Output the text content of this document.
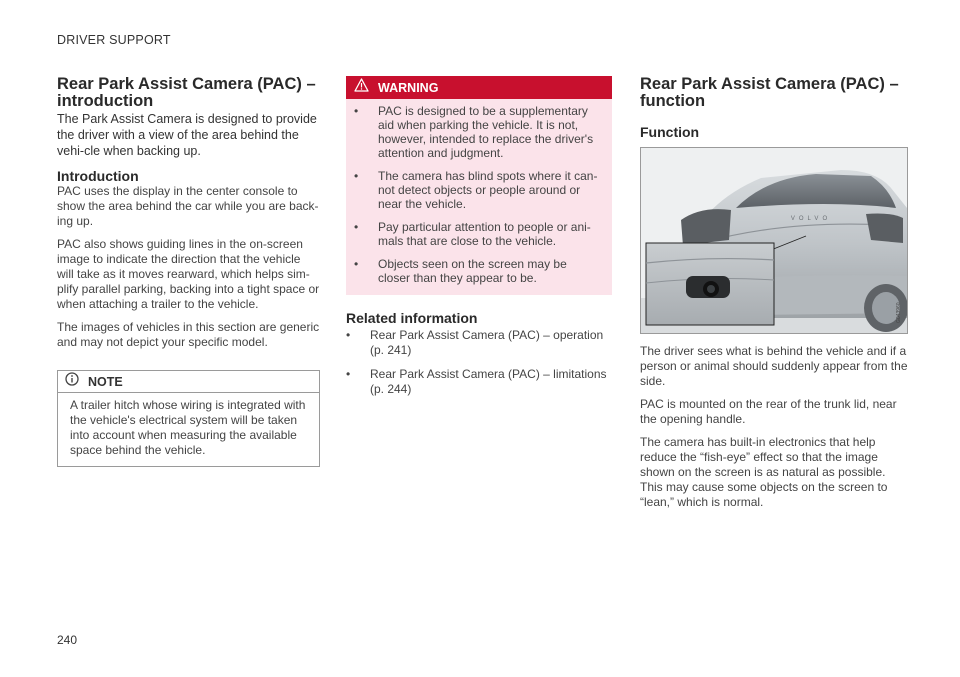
DRIVER SUPPORT
Rear Park Assist Camera (PAC) – introduction

The Park Assist Camera is designed to provide the driver with a view of the area behind the vehi-cle when backing up.

Introduction

PAC uses the display in the center console to show the area behind the car while you are back-ing up.

PAC also shows guiding lines in the on-screen image to indicate the direction that the vehicle will take as it moves rearward, which helps sim-plify parallel parking, backing into a tight space or when attaching a trailer to the vehicle.

The images of vehicles in this section are generic and may not depict your specific model.

NOTE
A trailer hitch whose wiring is integrated with the vehicle's electrical system will be taken into account when measuring the available space behind the vehicle.
WARNING
•	PAC is designed to be a supplementary aid when parking the vehicle. It is not, however, intended to replace the driver's attention and judgment.
•	The camera has blind spots where it can-not detect objects or people around or near the vehicle.
•	Pay particular attention to people or ani-mals that are close to the vehicle.
•	Objects seen on the screen may be closer than they appear to be.
Related information
•	Rear Park Assist Camera (PAC) – operation (p. 241)
•	Rear Park Assist Camera (PAC) – limitations (p. 244)
Rear Park Assist Camera (PAC) – function
Function
VOLVO
G043960

The driver sees what is behind the vehicle and if a person or animal should suddenly appear from the side.

PAC is mounted on the rear of the trunk lid, near the opening handle.

The camera has built-in electronics that help reduce the “fish-eye” effect so that the image shown on the screen is as natural as possible. This may cause some objects on the screen to “lean,” which is normal.

240
